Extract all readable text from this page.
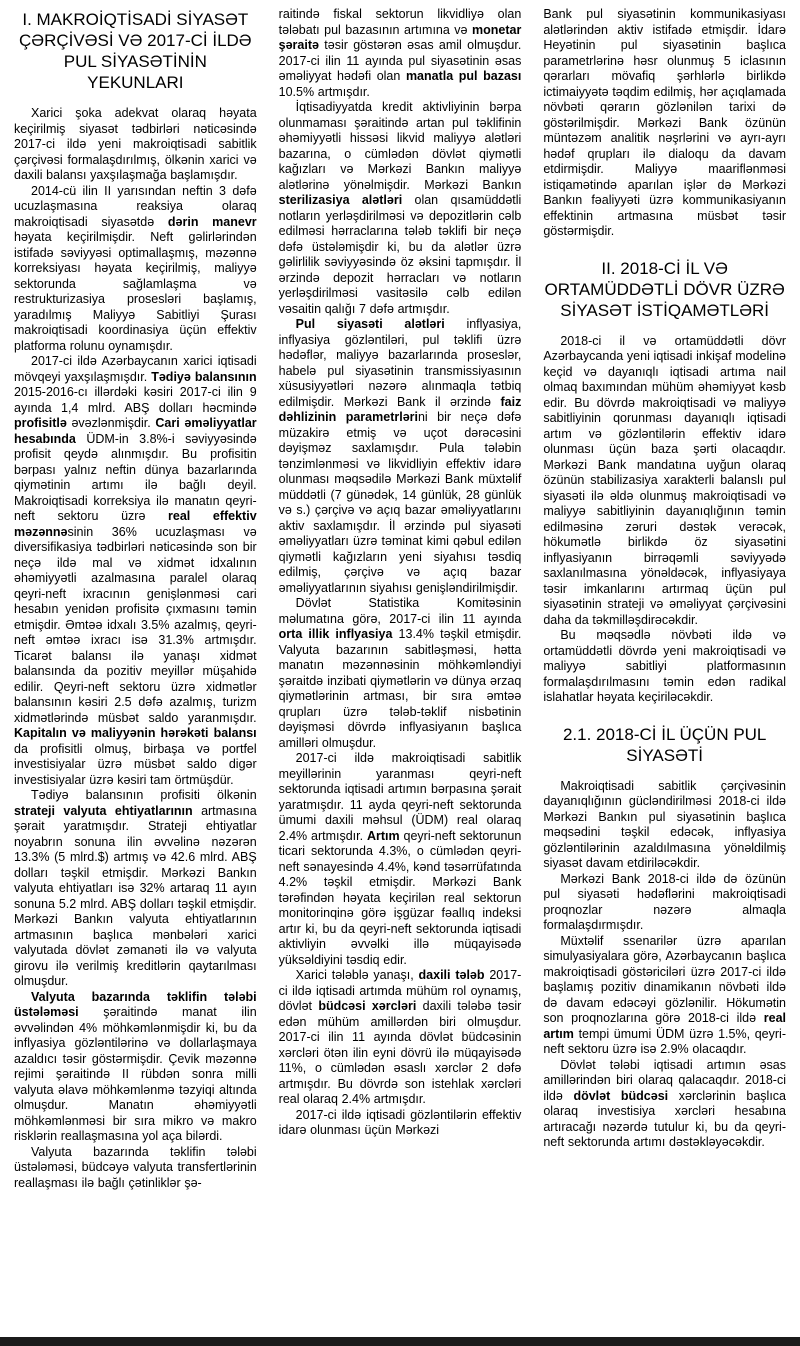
I. MAKROİQTİSADİ SİYASƏT ÇƏRÇİVƏSİ VƏ 2017-Cİ İLDƏ PUL SİYASƏTİNİN YEKUNLARI

Xarici şoka adekvat olaraq həyata keçirilmiş siyasət tədbirləri nəticəsində 2017-ci ildə yeni makroiqtisadi sabitlik çərçivəsi formalaşdırılmış, ölkənin xarici və daxili balansı yaxşılaşmağa başlamışdır.

2014-cü ilin II yarısından neftin 3 dəfə ucuzlaşmasına reaksiya olaraq makroiqtisadi siyasətdə dərin manevr həyata keçirilmişdir. Neft gəlirlərindən istifadə səviyyəsi optimallaşmış, məzənnə korreksiyası həyata keçirilmiş, maliyyə sektorunda sağlamlaşma və restrukturizasiya prosesləri başlamış, yaradılmış Maliyyə Sabitliyi Şurası makroiqtisadi koordinasiya üçün effektiv platforma rolunu oynamışdır.

2017-ci ildə Azərbaycanın xarici iqtisadi mövqeyi yaxşılaşmışdır. Tədiyə balansının 2015-2016-cı illərdəki kəsiri 2017-ci ilin 9 ayında 1,4 mlrd. ABŞ dolları həcmində profisitlə əvəzlənmişdir. Cari əməliyyatlar hesabında ÜDM-in 3.8%-i səviyyəsində profisit qeydə alınmışdır. Bu profisitin bərpası yalnız neftin dünya bazarlarında qiymətinin artımı ilə bağlı deyil. Makroiqtisadi korreksiya ilə manatın qeyri-neft sektoru üzrə real effektiv məzənnəsinin 36% ucuzlaşması və diversifikasiya tədbirləri nəticəsində son bir neçə ildə mal və xidmət idxalının əhəmiyyətli azalmasına paralel olaraq qeyri-neft ixracının genişlənməsi cari hesabın yenidən profisitə çıxmasını təmin etmişdir. Əmtəə idxalı 3.5% azalmış, qeyri-neft əmtəə ixracı isə 31.3% artmışdır. Ticarət balansı ilə yanaşı xidmət balansında da pozitiv meyillər müşahidə edilir. Qeyri-neft sektoru üzrə xidmətlər balansının kəsiri 2.5 dəfə azalmış, turizm xidmətlərində müsbət saldo yaranmışdır. Kapitalın və maliyyənin hərəkəti balansı da profisitli olmuş, birbaşa və portfel investisiyalar üzrə müsbət saldo digər investisiyalar üzrə kəsiri tam örtmüşdür.

Tədiyə balansının profisiti ölkənin strateji valyuta ehtiyatlarının artmasına şərait yaratmışdır. Strateji ehtiyatlar noyabrın sonuna ilin əvvəlinə nəzərən 13.3% (5 mlrd.$) artmış və 42.6 mlrd. ABŞ dolları təşkil etmişdir. Mərkəzi Bankın valyuta ehtiyatları isə 32% artaraq 11 ayın sonuna 5.2 mlrd. ABŞ dolları təşkil etmişdir. Mərkəzi Bankın valyuta ehtiyatlarının artmasının başlıca mənbələri xarici valyutada dövlət zəmanəti ilə və valyuta girovu ilə verilmiş kreditlərin qaytarılması olmuşdur.

Valyuta bazarında təklifin tələbi üstələməsi şəraitində manat ilin əvvəlindən 4% möhkəmlənmişdir ki, bu da inflyasiya gözləntilərinə və dollarlaşmaya azaldıcı təsir göstərmişdir. Çevik məzənnə rejimi şəraitində II rübdən sonra milli valyuta əlavə möhkəmlənmə təzyiqi altında olmuşdur. Manatın əhəmiyyətli möhkəmlənməsi bir sıra mikro və makro risklərin reallaşmasına yol aça bilərdi.

Valyuta bazarında təklifin tələbi üstələməsi, büdcəyə valyuta transfertlərinin reallaşması ilə bağlı çətinliklər şə-

raitində fiskal sektorun likvidliyə olan tələbatı pul bazasının artımına və monetar şəraitə təsir göstərən əsas amil olmuşdur. 2017-ci ilin 11 ayında pul siyasətinin əsas əməliyyat hədəfi olan manatla pul bazası 10.5% artmışdır.

İqtisadiyyatda kredit aktivliyinin bərpa olunmaması şəraitində artan pul təklifinin əhəmiyyətli hissəsi likvid maliyyə alətləri bazarına, o cümlədən dövlət qiymətli kağızları və Mərkəzi Bankın maliyyə alətlərinə yönəlmişdir. Mərkəzi Bankın sterilizasiya alətləri olan qısamüddətli notların yerləşdirilməsi və depozitlərin cəlb edilməsi hərraclarına tələb təklifi bir neçə dəfə üstələmişdir ki, bu da alətlər üzrə gəlirlilik səviyyəsində öz əksini tapmışdır. İl ərzində depozit hərracları və notların yerləşdirilməsi vasitəsilə cəlb edilən vəsaitin qalığı 7 dəfə artmışdır.

Pul siyasəti alətləri inflyasiya, inflyasiya gözləntiləri, pul təklifi üzrə hədəflər, maliyyə bazarlarında proseslər, habelə pul siyasətinin transmissiyasının xüsusiyyətləri nəzərə alınmaqla tətbiq edilmişdir. Mərkəzi Bank il ərzində faiz dəhlizinin parametrlərini bir neçə dəfə müzakirə etmiş və uçot dərəcəsini dəyişməz saxlamışdır. Pula tələbin tənzimlənməsi və likvidliyin effektiv idarə olunması məqsədilə Mərkəzi Bank müxtəlif müddətli (7 günədək, 14 günlük, 28 günlük və s.) çərçivə və açıq bazar əməliyyatlarını aktiv saxlamışdır. İl ərzində pul siyasəti əməliyyatları üzrə təminat kimi qəbul edilən qiymətli kağızların yeni siyahısı təsdiq edilmiş, çərçivə və açıq bazar əməliyyatlarının siyahısı genişləndirilmişdir.

Dövlət Statistika Komitəsinin məlumatına görə, 2017-ci ilin 11 ayında orta illik inflyasiya 13.4% təşkil etmişdir. Valyuta bazarının sabitləşməsi, hətta manatın məzənnəsinin möhkəmləndiyi şəraitdə inzibati qiymətlərin və dünya ərzaq qiymətlərinin artması, bir sıra əmtəə qrupları üzrə tələb-təklif nisbətinin dəyişməsi dövrdə inflyasiyanın başlıca amilləri olmuşdur.

2017-ci ildə makroiqtisadi sabitlik meyillərinin yaranması qeyri-neft sektorunda iqtisadi artımın bərpasına şərait yaratmışdır. 11 ayda qeyri-neft sektorunda ümumi daxili məhsul (ÜDM) real olaraq 2.4% artmışdır. Artım qeyri-neft sektorunun ticari sektorunda 4.3%, o cümlədən qeyri-neft sənayesində 4.4%, kənd təsərrüfatında 4.2% təşkil etmişdir. Mərkəzi Bank tərəfindən həyata keçirilən real sektorun monitorinqinə görə işgüzar fəallıq indeksi artır ki, bu da qeyri-neft sektorunda iqtisadi aktivliyin əvvəlki illə müqayisədə yüksəldiyini təsdiq edir.

Xarici tələblə yanaşı, daxili tələb 2017-ci ildə iqtisadi artımda mühüm rol oynamış, dövlət büdcəsi xərcləri daxili tələbə təsir edən mühüm amillərdən biri olmuşdur. 2017-ci ilin 11 ayında dövlət büdcəsinin xərcləri ötən ilin eyni dövrü ilə müqayisədə 11%, o cümlədən əsaslı xərclər 2 dəfə artmışdır. Bu dövrdə son istehlak xərcləri real olaraq 2.4% artmışdır.

2017-ci ildə iqtisadi gözləntilərin effektiv idarə olunması üçün Mərkəzi

Bank pul siyasətinin kommunikasiyası alətlərindən aktiv istifadə etmişdir. İdarə Heyətinin pul siyasətinin başlıca parametrlərinə həsr olunmuş 5 iclasının qərarları mövafiq şərhlərlə birlikdə ictimaiyyətə təqdim edilmiş, hər açıqlamada növbəti qərarın gözlənilən tarixi də göstərilmişdir. Mərkəzi Bank özünün müntəzəm analitik nəşrlərini və ayrı-ayrı hədəf qrupları ilə dialoqu da davam etdirmişdir. Maliyyə maariflənməsi istiqamətində aparılan işlər də Mərkəzi Bankın fəaliyyəti üzrə kommunikasiyanın effektinin artmasına müsbət təsir göstərmişdir.

II. 2018-Cİ İL VƏ ORTAMÜDDƏTLİ DÖVR ÜZRƏ SİYASƏT İSTİQAMƏTLƏRİ

2018-ci il və ortamüddətli dövr Azərbaycanda yeni iqtisadi inkişaf modelinə keçid və dayanıqlı iqtisadi artıma nail olmaq baxımından mühüm əhəmiyyət kəsb edir. Bu dövrdə makroiqtisadi və maliyyə sabitliyinin qorunması dayanıqlı iqtisadi artım və gözləntilərin effektiv idarə olunması üçün baza şərti olacaqdır. Mərkəzi Bank mandatına uyğun olaraq özünün stabilizasiya xarakterli balanslı pul siyasəti ilə əldə olunmuş makroiqtisadi və maliyyə sabitliyinin dayanıqlığının təmin edilməsinə zəruri dəstək verəcək, hökumətlə birlikdə öz siyasətini inflyasiyanın birrəqəmli səviyyədə saxlanılmasına yönəldəcək, inflyasiyaya təsir imkanlarını artırmaq üçün pul siyasətinin strateji və əməliyyat çərçivəsini daha da təkmilləşdirəcəkdir.

Bu məqsədlə növbəti ildə və ortamüddətli dövrdə yeni makroiqtisadi və maliyyə sabitliyi platformasının formalaşdırılmasını təmin edən radikal islahatlar həyata keçiriləcəkdir.

2.1. 2018-Cİ İL ÜÇÜN PUL SİYASƏTİ

Makroiqtisadi sabitlik çərçivəsinin dayanıqlığının gücləndirilməsi 2018-ci ildə Mərkəzi Bankın pul siyasətinin başlıca məqsədini təşkil edəcək, inflyasiya gözləntilərinin azaldılmasına yönəldilmiş siyasət davam etdiriləcəkdir.

Mərkəzi Bank 2018-ci ildə də özünün pul siyasəti hədəflərini makroiqtisadi proqnozlar nəzərə almaqla formalaşdırmışdır.

Müxtəlif ssenarilər üzrə aparılan simulyasiyalara görə, Azərbaycanın başlıca makroiqtisadi göstəriciləri üzrə 2017-ci ildə başlamış pozitiv dinamikanın növbəti ildə də davam edəcəyi gözlənilir. Hökumətin son proqnozlarına görə 2018-ci ildə real artım tempi ümumi ÜDM üzrə 1.5%, qeyri-neft sektoru üzrə isə 2.9% olacaqdır.

Dövlət tələbi iqtisadi artımın əsas amillərindən biri olaraq qalacaqdır. 2018-ci ildə dövlət büdcəsi xərclərinin başlıca olaraq investisiya xərcləri hesabına artıracağı nəzərdə tutulur ki, bu da qeyri-neft sektorunda artımı dəstəkləyəcəkdir.
